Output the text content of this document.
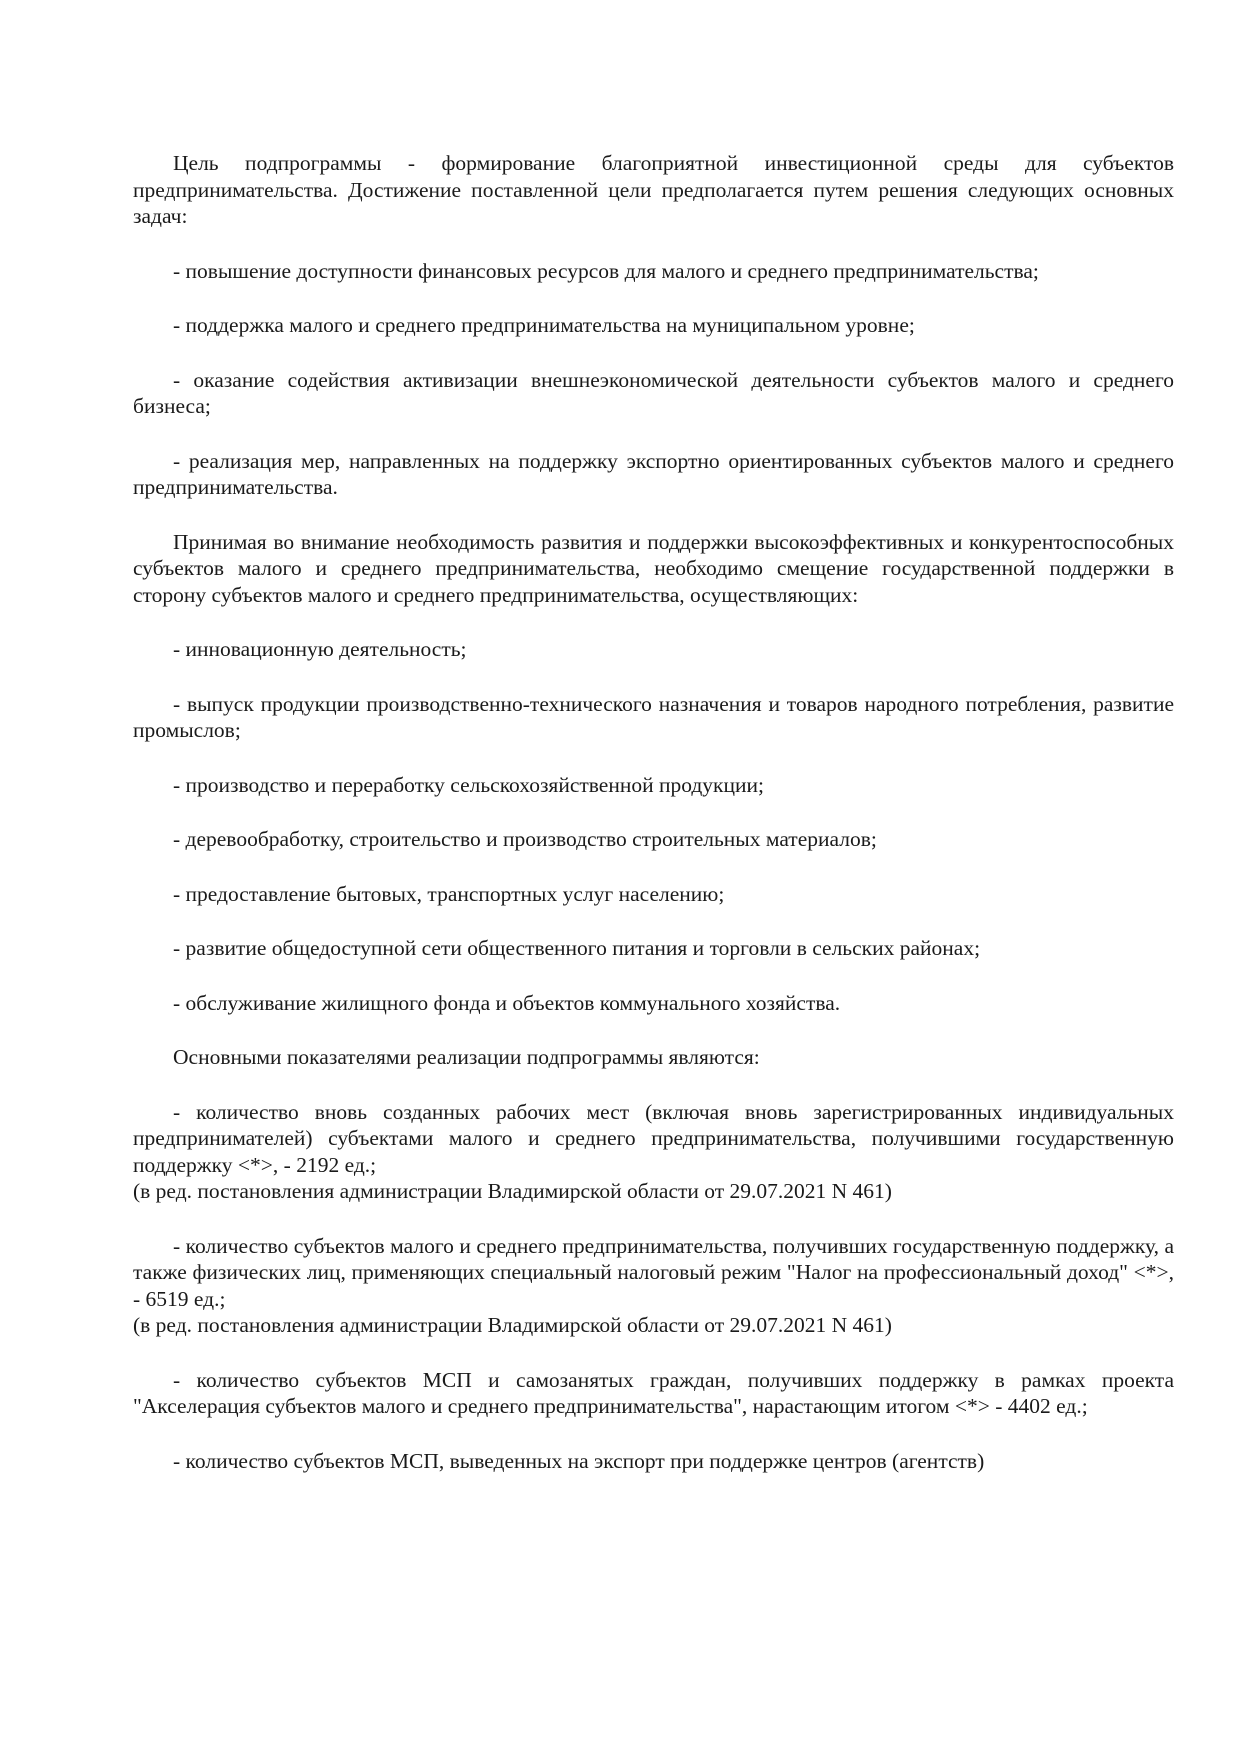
Цель подпрограммы - формирование благоприятной инвестиционной среды для субъектов предпринимательства. Достижение поставленной цели предполагается путем решения следующих основных задач:

- повышение доступности финансовых ресурсов для малого и среднего предпринимательства;

- поддержка малого и среднего предпринимательства на муниципальном уровне;

- оказание содействия активизации внешнеэкономической деятельности субъектов малого и среднего бизнеса;

- реализация мер, направленных на поддержку экспортно ориентированных субъектов малого и среднего предпринимательства.

Принимая во внимание необходимость развития и поддержки высокоэффективных и конкурентоспособных субъектов малого и среднего предпринимательства, необходимо смещение государственной поддержки в сторону субъектов малого и среднего предпринимательства, осуществляющих:

- инновационную деятельность;

- выпуск продукции производственно-технического назначения и товаров народного потребления, развитие промыслов;

- производство и переработку сельскохозяйственной продукции;

- деревообработку, строительство и производство строительных материалов;

- предоставление бытовых, транспортных услуг населению;

- развитие общедоступной сети общественного питания и торговли в сельских районах;

- обслуживание жилищного фонда и объектов коммунального хозяйства.

Основными показателями реализации подпрограммы являются:

- количество вновь созданных рабочих мест (включая вновь зарегистрированных индивидуальных предпринимателей) субъектами малого и среднего предпринимательства, получившими государственную поддержку <*>, - 2192 ед.;

(в ред. постановления администрации Владимирской области от 29.07.2021 N 461)

- количество субъектов малого и среднего предпринимательства, получивших государственную поддержку, а также физических лиц, применяющих специальный налоговый режим "Налог на профессиональный доход" <*>, - 6519 ед.;

(в ред. постановления администрации Владимирской области от 29.07.2021 N 461)

- количество субъектов МСП и самозанятых граждан, получивших поддержку в рамках проекта "Акселерация субъектов малого и среднего предпринимательства", нарастающим итогом <*> - 4402 ед.;

- количество субъектов МСП, выведенных на экспорт при поддержке центров (агентств)
